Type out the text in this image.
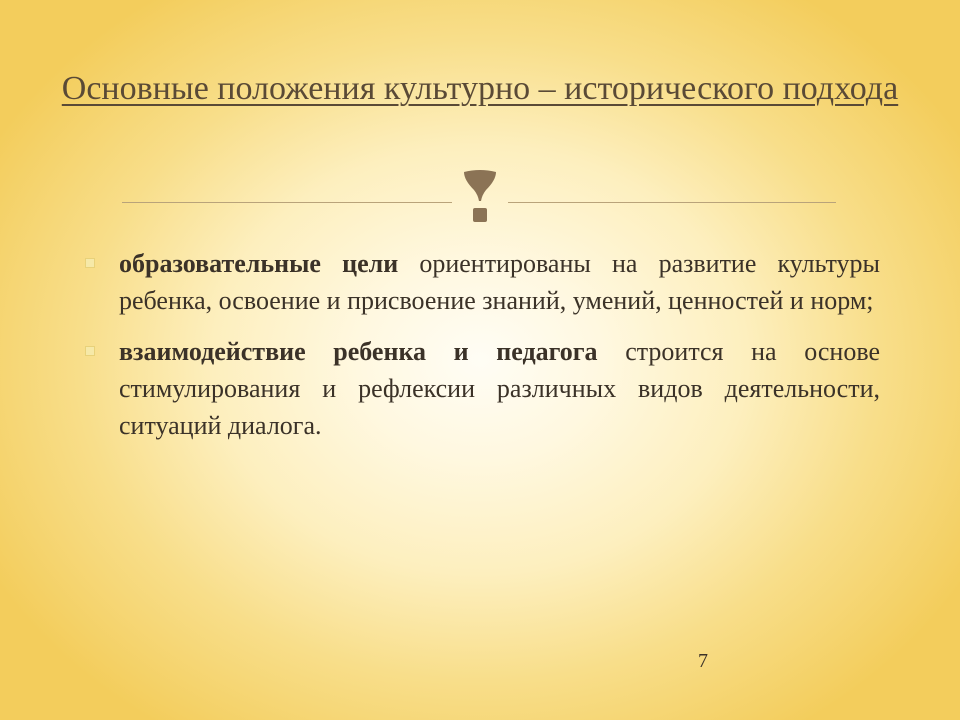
Основные положения культурно – исторического подхода
образовательные цели ориентированы на развитие культуры ребенка, освоение и присвоение знаний, умений, ценностей и норм;
взаимодействие ребенка и педагога строится на основе стимулирования и рефлексии различных видов деятельности, ситуаций диалога.
7
